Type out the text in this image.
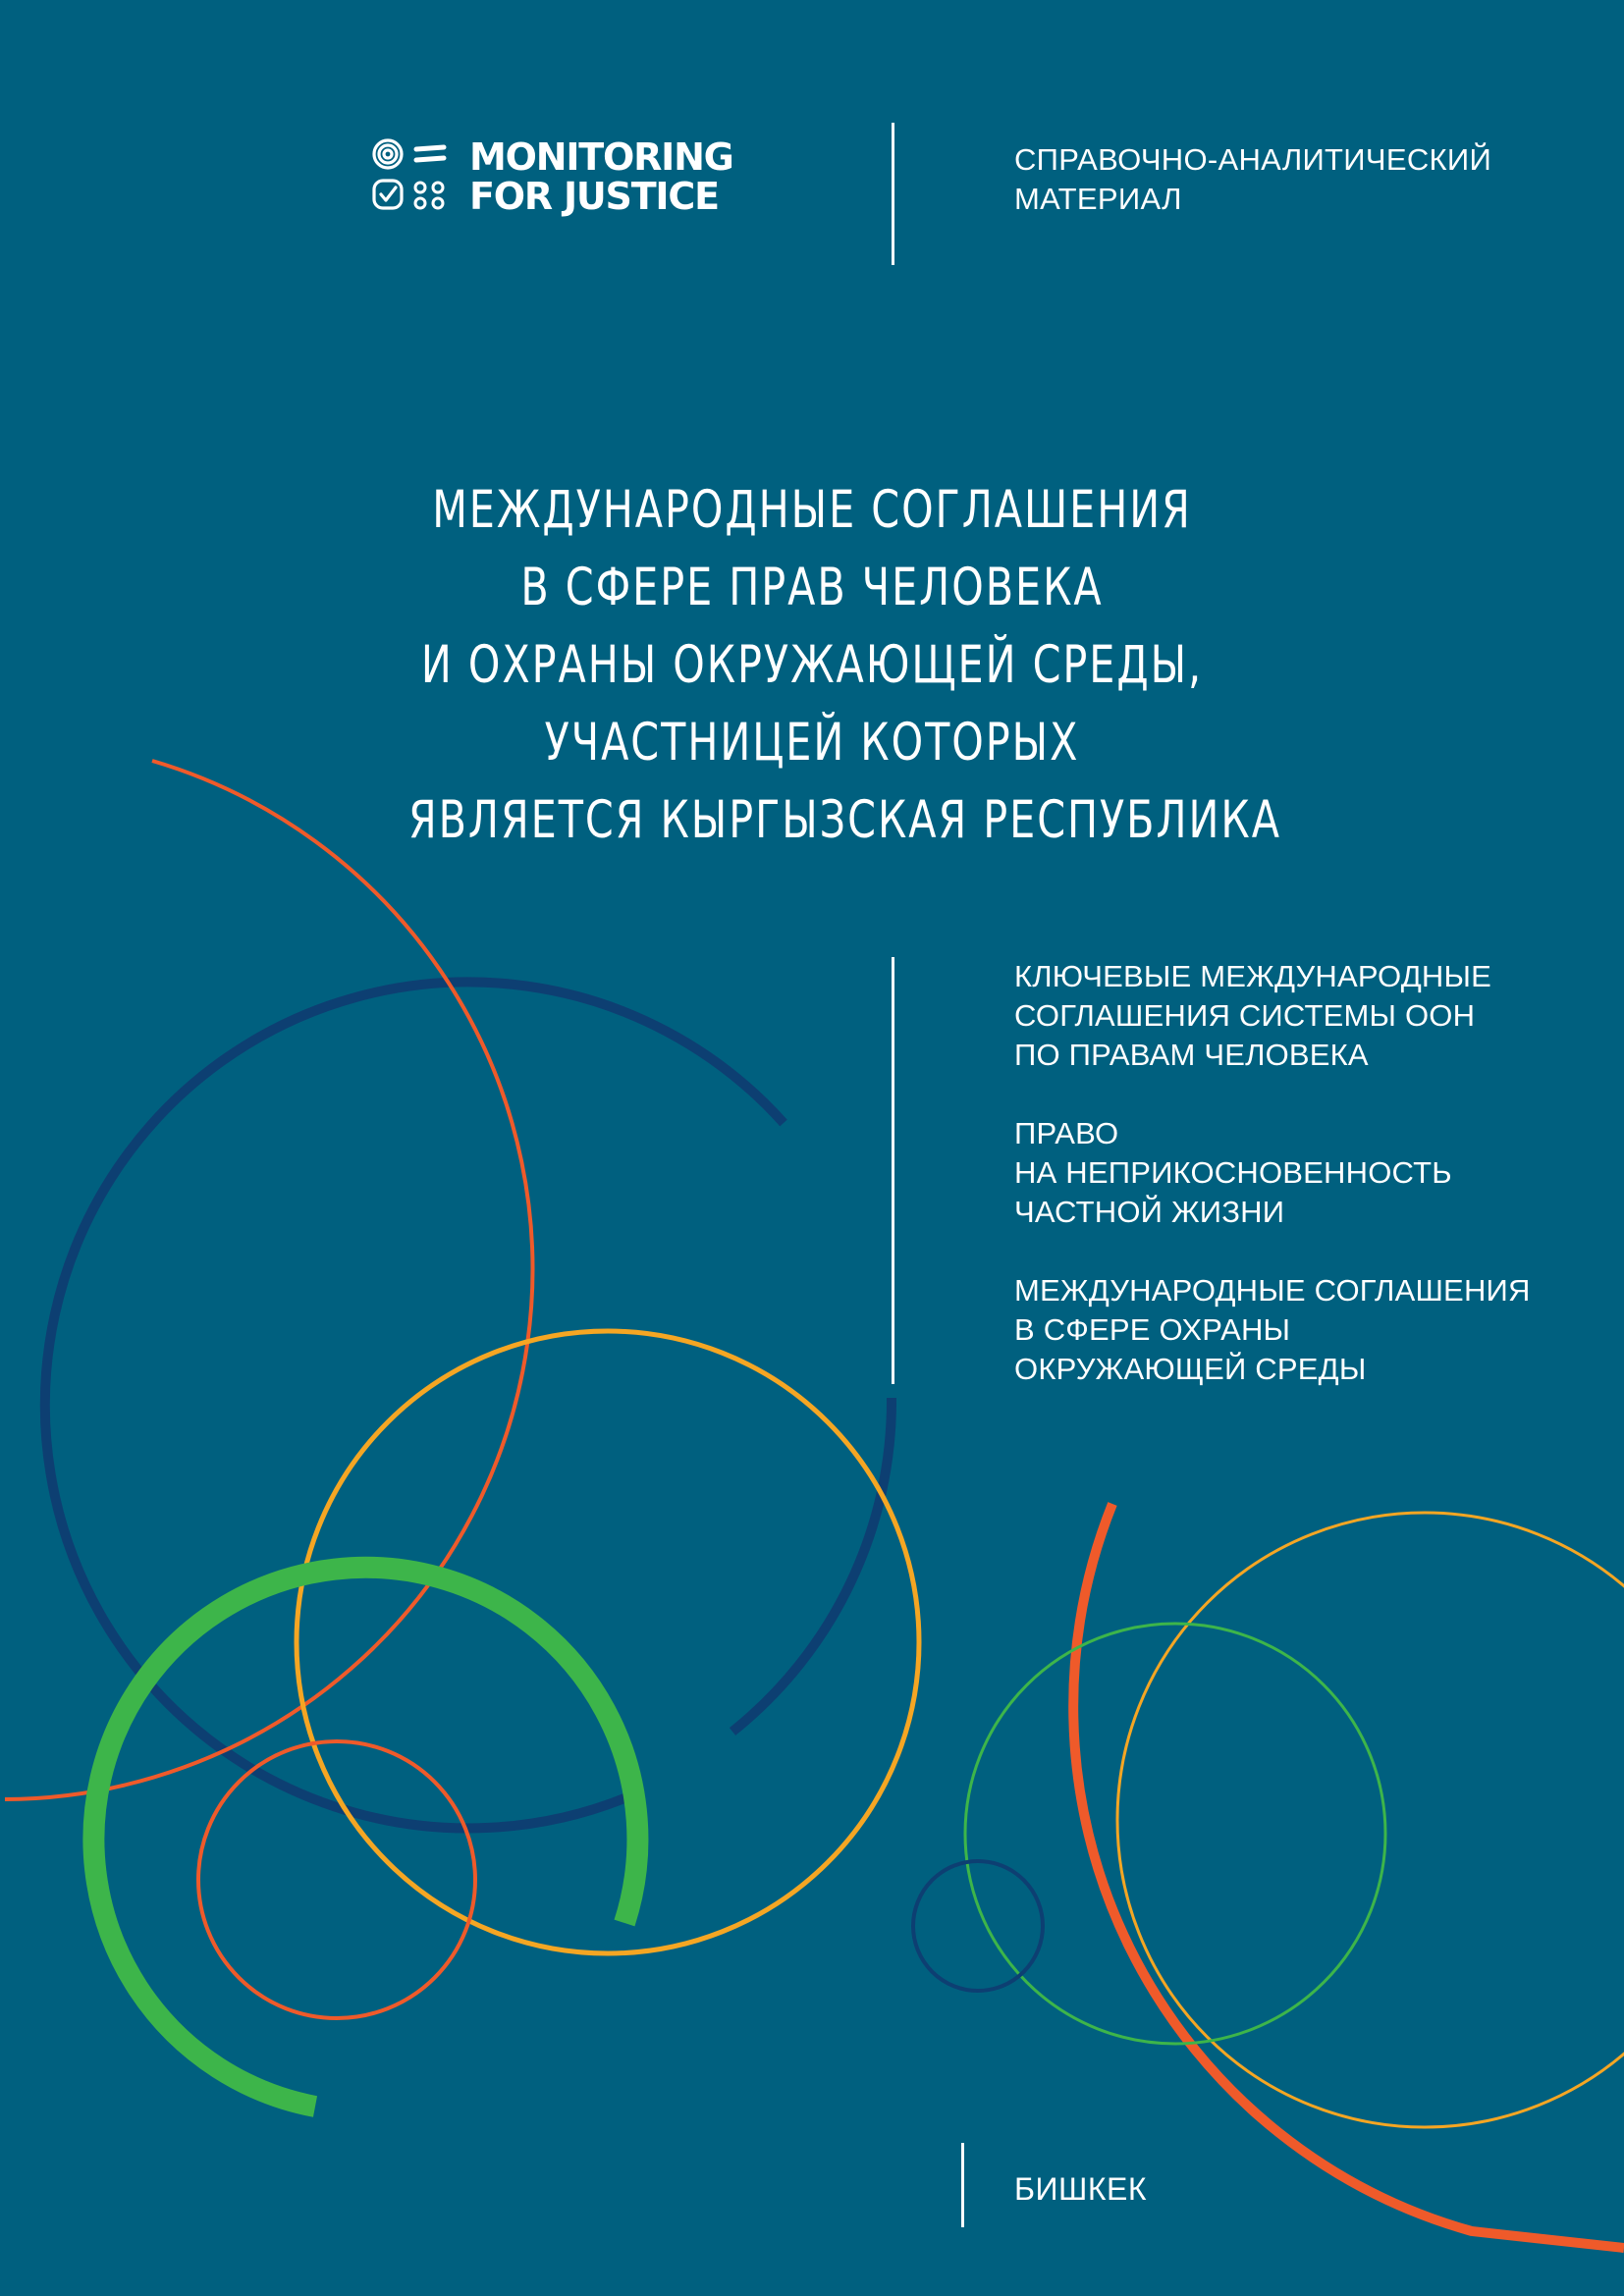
MONITORING
FOR JUSTICE
СПРАВОЧНО-АНАЛИТИЧЕСКИЙ
МАТЕРИАЛ
МЕЖДУНАРОДНЫЕ СОГЛАШЕНИЯ
В СФЕРЕ ПРАВ ЧЕЛОВЕКА
И ОХРАНЫ ОКРУЖАЮЩЕЙ СРЕДЫ,
УЧАСТНИЦЕЙ КОТОРЫХ
ЯВЛЯЕТСЯ КЫРГЫЗСКАЯ РЕСПУБЛИКА
КЛЮЧЕВЫЕ МЕЖДУНАРОДНЫЕ
СОГЛАШЕНИЯ СИСТЕМЫ ООН
ПО ПРАВАМ ЧЕЛОВЕКА
ПРАВО
НА НЕПРИКОСНОВЕННОСТЬ
ЧАСТНОЙ ЖИЗНИ
МЕЖДУНАРОДНЫЕ СОГЛАШЕНИЯ
В СФЕРЕ ОХРАНЫ
ОКРУЖАЮЩЕЙ СРЕДЫ
БИШКЕК
